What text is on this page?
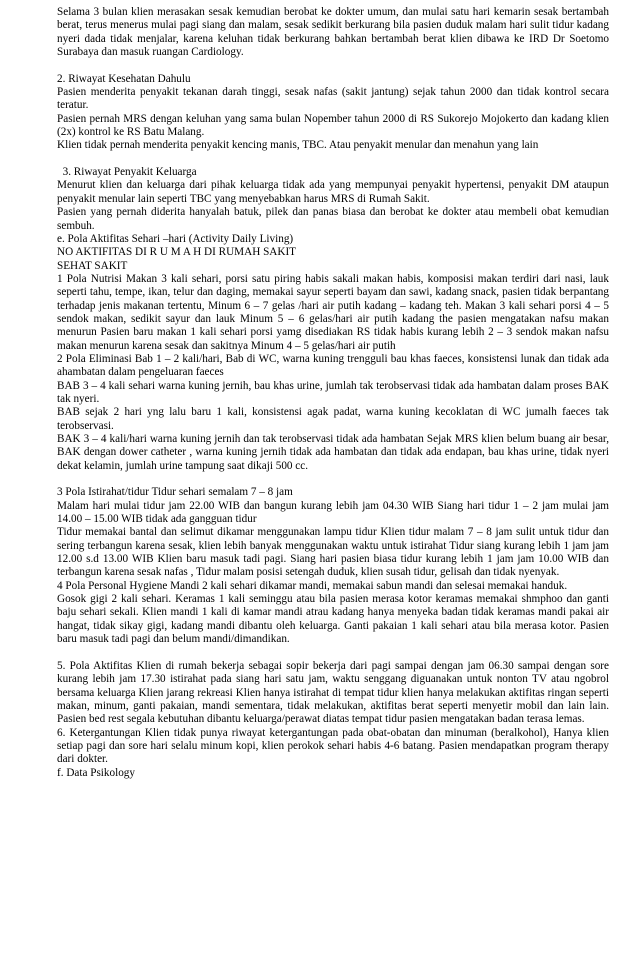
Selama 3 bulan klien merasakan sesak kemudian berobat ke dokter umum, dan mulai satu hari kemarin sesak bertambah berat, terus menerus mulai pagi siang dan malam, sesak sedikit berkurang bila pasien duduk malam hari sulit tidur kadang nyeri dada tidak menjalar, karena keluhan tidak berkurang bahkan bertambah berat klien dibawa ke IRD Dr Soetomo Surabaya dan masuk ruangan Cardiology.
2. Riwayat Kesehatan Dahulu
Pasien menderita penyakit tekanan darah tinggi, sesak nafas (sakit jantung) sejak tahun 2000 dan tidak kontrol secara teratur.
Pasien pernah MRS dengan keluhan yang sama bulan Nopember tahun 2000 di RS Sukorejo Mojokerto dan kadang klien (2x) kontrol ke RS Batu Malang.
Klien tidak pernah menderita penyakit kencing manis, TBC. Atau penyakit menular dan menahun yang lain
3. Riwayat Penyakit Keluarga
Menurut klien dan keluarga dari pihak keluarga tidak ada yang mempunyai penyakit hypertensi, penyakit DM ataupun penyakit menular lain seperti TBC yang menyebabkan harus MRS di Rumah Sakit.
Pasien yang pernah diderita hanyalah batuk, pilek dan panas biasa dan berobat ke dokter atau membeli obat kemudian sembuh.
e. Pola Aktifitas Sehari –hari (Activity Daily Living)
NO AKTIFITAS DI R U M A H DI RUMAH SAKIT
SEHAT SAKIT
1 Pola Nutrisi Makan 3 kali sehari, porsi satu piring habis sakali makan habis, komposisi makan terdiri dari nasi, lauk seperti tahu, tempe, ikan, telur dan daging, memakai sayur seperti bayam dan sawi, kadang snack, pasien tidak berpantang terhadap jenis makanan tertentu, Minum 6 – 7 gelas /hari air putih kadang – kadang teh. Makan 3 kali sehari porsi 4 – 5 sendok makan, sedikit sayur dan lauk Minum 5 – 6 gelas/hari air putih kadang the pasien mengatakan nafsu makan menurun Pasien baru makan 1 kali sehari porsi yamg disediakan RS tidak habis kurang lebih 2 – 3 sendok makan nafsu makan menurun karena sesak dan sakitnya Minum 4 – 5 gelas/hari air putih
2 Pola Eliminasi Bab 1 – 2 kali/hari, Bab di WC, warna kuning trengguli bau khas faeces, konsistensi lunak dan tidak ada ahambatan dalam pengeluaran faeces
BAB 3 – 4 kali sehari warna kuning jernih, bau khas urine, jumlah tak terobservasi tidak ada hambatan dalam proses BAK tak nyeri.
BAB sejak 2 hari yng lalu baru 1 kali, konsistensi agak padat, warna kuning kecoklatan di WC jumalh faeces tak terobservasi.
BAK 3 – 4 kali/hari warna kuning jernih dan tak terobservasi tidak ada hambatan Sejak MRS klien belum buang air besar, BAK dengan dower catheter , warna kuning jernih tidak ada hambatan dan tidak ada endapan, bau khas urine, tidak nyeri dekat kelamin, jumlah urine tampung saat dikaji 500 cc.
3 Pola Istirahat/tidur Tidur sehari semalam 7 – 8 jam
Malam hari mulai tidur jam 22.00 WIB dan bangun kurang lebih jam 04.30 WIB Siang hari tidur 1 – 2 jam mulai jam 14.00 – 15.00 WIB tidak ada gangguan tidur
Tidur memakai bantal dan selimut dikamar menggunakan lampu tidur Klien tidur malam 7 – 8 jam sulit untuk tidur dan sering terbangun karena sesak, klien lebih banyak menggunakan waktu untuk istirahat Tidur siang kurang lebih 1 jam jam 12.00 s.d 13.00 WIB Klien baru masuk tadi pagi. Siang hari pasien biasa tidur kurang lebih 1 jam jam 10.00 WIB dan terbangun karena sesak nafas , Tidur malam posisi setengah duduk, klien susah tidur, gelisah dan tidak nyenyak.
4 Pola Personal Hygiene Mandi 2 kali sehari dikamar mandi, memakai sabun mandi dan selesai memakai handuk.
Gosok gigi 2 kali sehari. Keramas 1 kali seminggu atau bila pasien merasa kotor keramas memakai shmphoo dan ganti baju sehari sekali. Klien mandi 1 kali di kamar mandi atrau kadang hanya menyeka badan tidak keramas mandi pakai air hangat, tidak sikay gigi, kadang mandi dibantu oleh keluarga. Ganti pakaian 1 kali sehari atau bila merasa kotor. Pasien baru masuk tadi pagi dan belum mandi/dimandikan.
5. Pola Aktifitas Klien di rumah bekerja sebagai sopir bekerja dari pagi sampai dengan jam 06.30 sampai dengan sore kurang lebih jam 17.30 istirahat pada siang hari satu jam, waktu senggang diguanakan untuk nonton TV atau ngobrol bersama keluarga Klien jarang rekreasi Klien hanya istirahat di tempat tidur klien hanya melakukan aktifitas ringan seperti makan, minum, ganti pakaian, mandi sementara, tidak melakukan, aktifitas berat seperti menyetir mobil dan lain lain. Pasien bed rest segala kebutuhan dibantu keluarga/perawat diatas tempat tidur pasien mengatakan badan terasa lemas.
6. Ketergantungan Klien tidak punya riwayat ketergantungan pada obat-obatan dan minuman (beralkohol), Hanya klien setiap pagi dan sore hari selalu minum kopi, klien perokok sehari habis 4-6 batang. Pasien mendapatkan program therapy dari dokter.
f. Data Psikology
